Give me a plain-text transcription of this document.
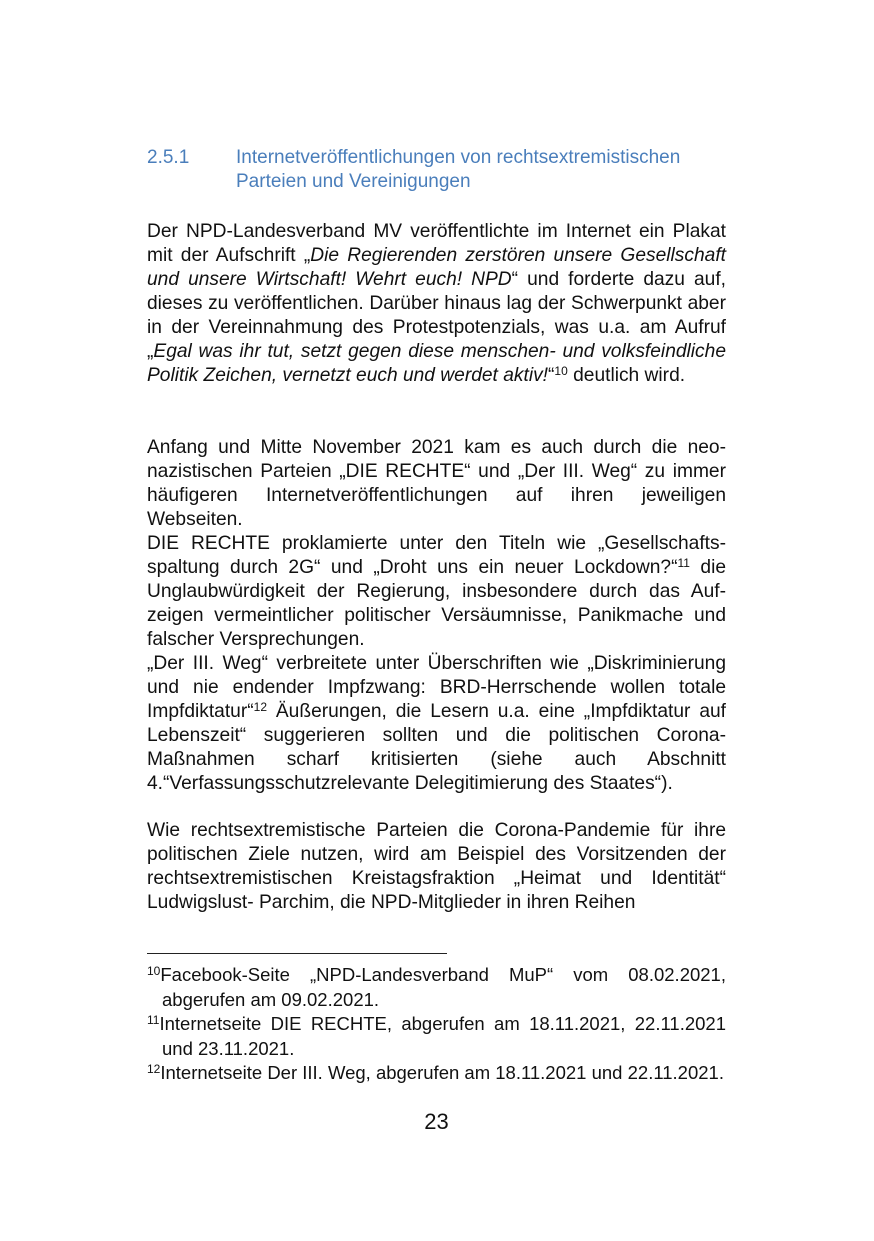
2.5.1 Internetveröffentlichungen von rechtsextremistischen Parteien und Vereinigungen

Der NPD-Landesverband MV veröffentlichte im Internet ein Plakat mit der Aufschrift „Die Regierenden zerstören unsere Gesellschaft und unsere Wirtschaft! Wehrt euch! NPD“ und forderte dazu auf, dieses zu veröffentlichen. Darüber hinaus lag der Schwerpunkt aber in der Vereinnahmung des Protestpotenzials, was u.a. am Aufruf „Egal was ihr tut, setzt gegen diese menschen- und volksfeindliche Politik Zeichen, vernetzt euch und werdet aktiv!“$^{10}$ deutlich wird.

Anfang und Mitte November 2021 kam es auch durch die neonazistischen Parteien „DIE RECHTE“ und „Der III. Weg“ zu immer häufigeren Internetveröffentlichungen auf ihren jeweiligen Webseiten.

DIE RECHTE proklamierte unter den Titeln wie „Gesellschaftsspaltung durch 2G“ und „Droht uns ein neuer Lockdown?“$^{11}$ die Unglaubwürdigkeit der Regierung, insbesondere durch das Aufzeigen vermeintlicher politischer Versäumnisse, Panikmache und falscher Versprechungen.

„Der III. Weg“ verbreitete unter Überschriften wie „Diskriminierung und nie endender Impfzwang: BRD-Herrschende wollen totale Impfdiktatur“$^{12}$ Äußerungen, die Lesern u.a. eine „Impfdiktatur auf Lebenszeit“ suggerieren sollten und die politischen Corona-Maßnahmen scharf kritisierten (siehe auch Abschnitt 4.“Verfassungsschutzrelevante Delegitimierung des Staates“).

Wie rechtsextremistische Parteien die Corona-Pandemie für ihre politischen Ziele nutzen, wird am Beispiel des Vorsitzenden der rechtsextremistischen Kreistagsfraktion „Heimat und Identität“ Ludwigslust- Parchim, die NPD-Mitglieder in ihren Reihen

$^{10}$Facebook-Seite „NPD-Landesverband MuP“ vom 08.02.2021, abgerufen am 09.02.2021.
$^{11}$Internetseite DIE RECHTE, abgerufen am 18.11.2021, 22.11.2021 und 23.11.2021.
$^{12}$Internetseite Der III. Weg, abgerufen am 18.11.2021 und 22.11.2021.
23
